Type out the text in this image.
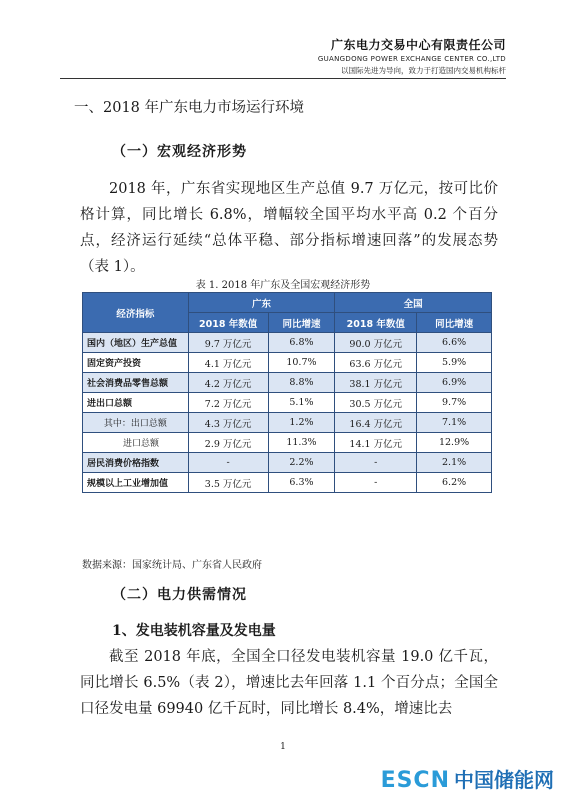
广东电力交易中心有限责任公司
GUANGDONG POWER EXCHANGE CENTER CO.,LTD
以国际先进为导向，致力于打造国内交易机构标杆
一、2018 年广东电力市场运行环境
（一）宏观经济形势
2018 年，广东省实现地区生产总值 9.7 万亿元，按可比价格计算，同比增长 6.8%，增幅较全国平均水平高 0.2 个百分点，经济运行延续“总体平稳、部分指标增速回落”的发展态势（表 1）。
表 1. 2018 年广东及全国宏观经济形势
经济指标	广东		全国	
	2018 年数值	同比增速	2018 年数值	同比增速
国内（地区）生产总值	9.7 万亿元	6.8%	90.0 万亿元	6.6%
固定资产投资	4.1 万亿元	10.7%	63.6 万亿元	5.9%
社会消费品零售总额	4.2 万亿元	8.8%	38.1 万亿元	6.9%
进出口总额	7.2 万亿元	5.1%	30.5 万亿元	9.7%
其中：出口总额	4.3 万亿元	1.2%	16.4 万亿元	7.1%
进口总额	2.9 万亿元	11.3%	14.1 万亿元	12.9%
居民消费价格指数	-	2.2%	-	2.1%
规模以上工业增加值	3.5 万亿元	6.3%	-	6.2%
数据来源：国家统计局、广东省人民政府
（二）电力供需情况
1、发电装机容量及发电量
截至 2018 年底，全国全口径发电装机容量 19.0 亿千瓦，同比增长 6.5%（表 2），增速比去年回落 1.1 个百分点；全国全口径发电量 69940 亿千瓦时，同比增长 8.4%，增速比去
1
ESCN 中国储能网
